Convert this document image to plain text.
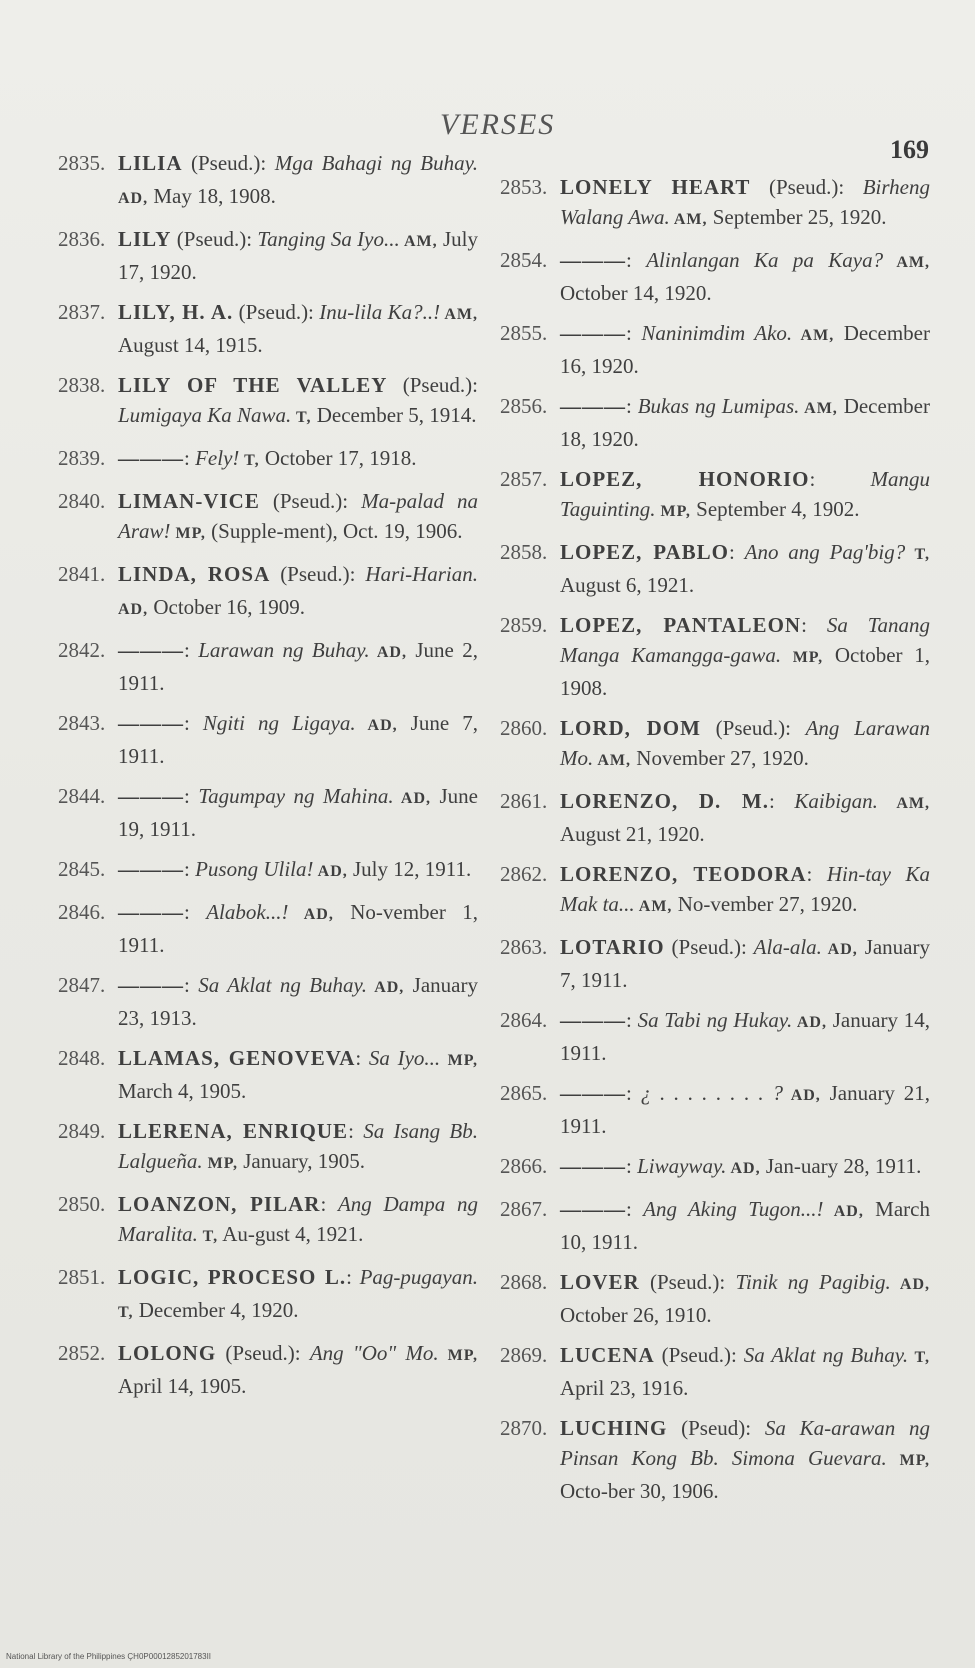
VERSES
169
2835. LILIA (Pseud.): Mga Bahagi ng Buhay. AD, May 18, 1908.
2836. LILY (Pseud.): Tanging Sa Iyo... AM, July 17, 1920.
2837. LILY, H. A. (Pseud.): Inu-lila Ka?..! AM, August 14, 1915.
2838. LILY OF THE VALLEY (Pseud.): Lumigaya Ka Nawa. T, December 5, 1914.
2839. ———: Fely! T, October 17, 1918.
2840. LIMAN-VICE (Pseud.): Ma-palad na Araw! MP, (Supple-ment), Oct. 19, 1906.
2841. LINDA, ROSA (Pseud.): Hari-Harian. AD, October 16, 1909.
2842. ———: Larawan ng Buhay. AD, June 2, 1911.
2843. ———: Ngiti ng Ligaya. AD, June 7, 1911.
2844. ———: Tagumpay ng Mahina. AD, June 19, 1911.
2845. ———: Pusong Ulila! AD, July 12, 1911.
2846. ———: Alabok...! AD, No-vember 1, 1911.
2847. ———: Sa Aklat ng Buhay. AD, January 23, 1913.
2848. LLAMAS, GENOVEVA: Sa Iyo... MP, March 4, 1905.
2849. LLERENA, ENRIQUE: Sa Isang Bb. Lalgueña. MP, January, 1905.
2850. LOANZON, PILAR: Ang Dampa ng Maralita. T, Au-gust 4, 1921.
2851. LOGIC, PROCESO L.: Pag-pugayan. T, December 4, 1920.
2852. LOLONG (Pseud.): Ang "Oo" Mo. MP, April 14, 1905.
2853. LONELY HEART (Pseud.): Birheng Walang Awa. AM, September 25, 1920.
2854. ———: Alinlangan Ka pa Kaya? AM, October 14, 1920.
2855. ———: Naninimdim Ako. AM, December 16, 1920.
2856. ———: Bukas ng Lumipas. AM, December 18, 1920.
2857. LOPEZ, HONORIO: Mangu Taguinting. MP, September 4, 1902.
2858. LOPEZ, PABLO: Ano ang Pag'big? T, August 6, 1921.
2859. LOPEZ, PANTALEON: Sa Tanang Manga Kamangga-gawa. MP, October 1, 1908.
2860. LORD, DOM (Pseud.): Ang Larawan Mo. AM, November 27, 1920.
2861. LORENZO, D. M.: Kaibigan. AM, August 21, 1920.
2862. LORENZO, TEODORA: Hin-tay Ka Mak ta... AM, No-vember 27, 1920.
2863. LOTARIO (Pseud.): Ala-ala. AD, January 7, 1911.
2864. ———: Sa Tabi ng Hukay. AD, January 14, 1911.
2865. ———: ¿ . . . . . . . . ? AD, January 21, 1911.
2866. ———: Liwayway. AD, Jan-uary 28, 1911.
2867. ———: Ang Aking Tugon...! AD, March 10, 1911.
2868. LOVER (Pseud.): Tinik ng Pagibig. AD, October 26, 1910.
2869. LUCENA (Pseud.): Sa Aklat ng Buhay. T, April 23, 1916.
2870. LUCHING (Pseud): Sa Ka-arawan ng Pinsan Kong Bb. Simona Guevara. MP, Octo-ber 30, 1906.
National Library of the Philippines ÇH0P0001285201783II
